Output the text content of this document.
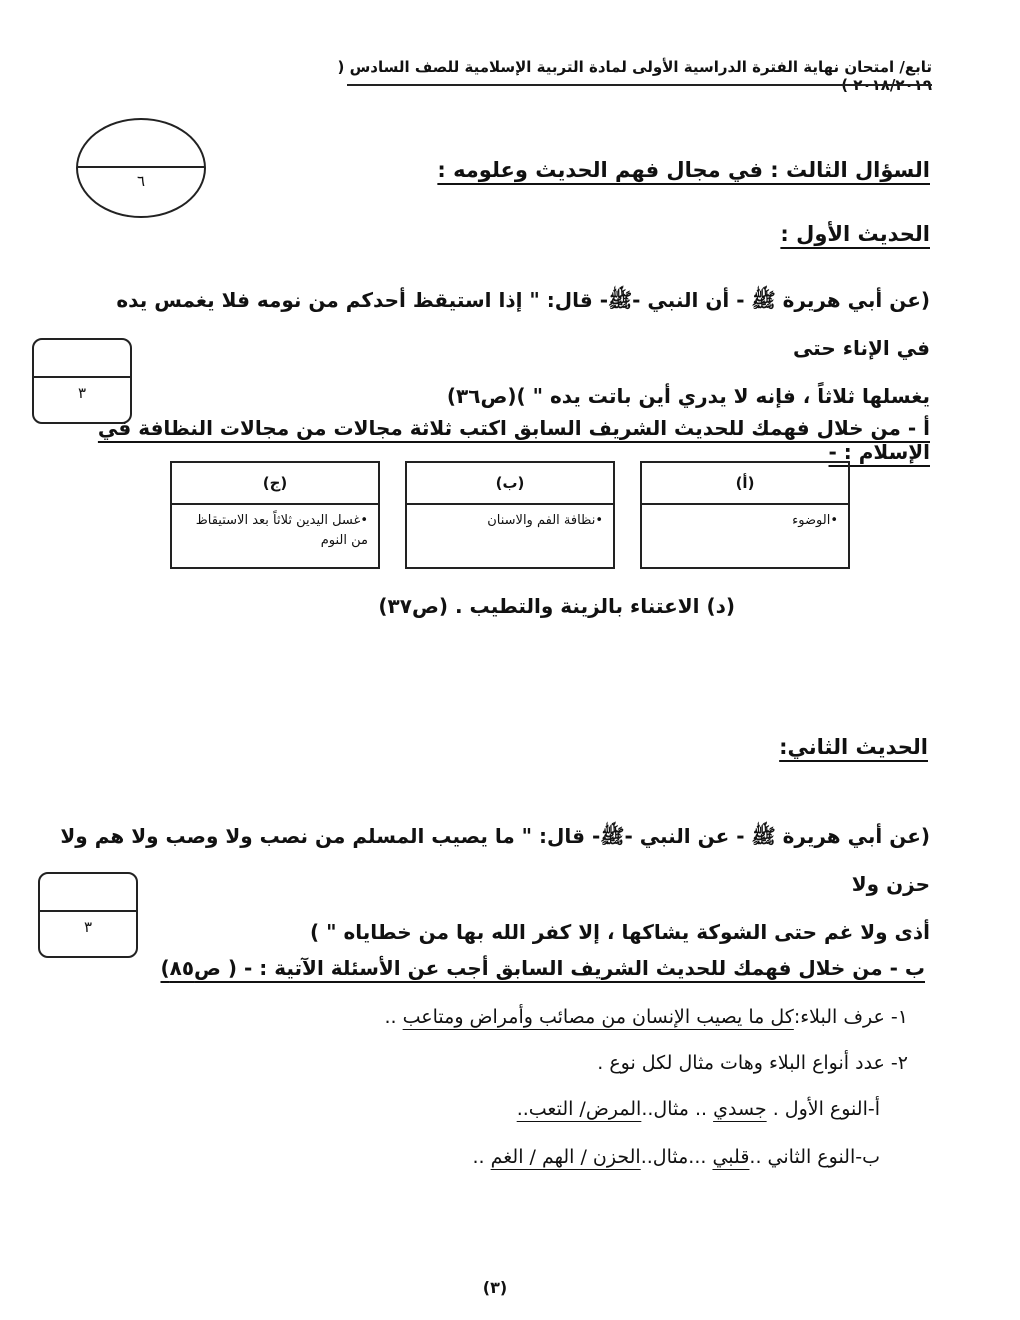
تابع/ امتحان نهاية الفترة الدراسية الأولى لمادة التربية الإسلامية للصف السادس ( ٢٠١٨/٢٠١٩ )
٦	السؤال الثالث : في مجال فهم الحديث وعلومه :
الحديث الأول :
(عن أبي هريرة ﷺ - أن النبي -ﷺ- قال: " إذا استيقظ أحدكم من نومه فلا يغمس يده في الإناء حتى
يغسلها ثلاثاً ، فإنه لا يدري أين باتت يده " )(ص٣٦)
٣
أ - من خلال فهمك للحديث الشريف السابق اكتب ثلاثة مجالات من مجالات النظافة في الإسلام : -
(أ)
•الوضوء
(ب)
•نظافة الفم والاسنان
(ج)
•غسل اليدين ثلاثاً بعد الاستيقاظ من النوم
(د) الاعتناء بالزينة والتطيب . (ص٣٧)
الحديث الثاني:
(عن أبي هريرة ﷺ - عن النبي -ﷺ- قال: " ما يصيب المسلم من نصب ولا وصب ولا هم ولا حزن ولا
أذى ولا غم حتى الشوكة يشاكها ، إلا كفر الله بها من خطاياه " )
٣
ب - من خلال فهمك للحديث الشريف السابق أجب عن الأسئلة الآتية : - ( ص٨٥)
١- عرف البلاء:كل ما يصيب الإنسان من مصائب وأمراض ومتاعب ..
٢- عدد أنواع البلاء وهات مثال لكل نوع .
أ-النوع الأول . جسدي .. مثال..المرض/ التعب..
ب-النوع الثاني ..قلبي ...مثال..الحزن / الهم / الغم ..
(٣)
